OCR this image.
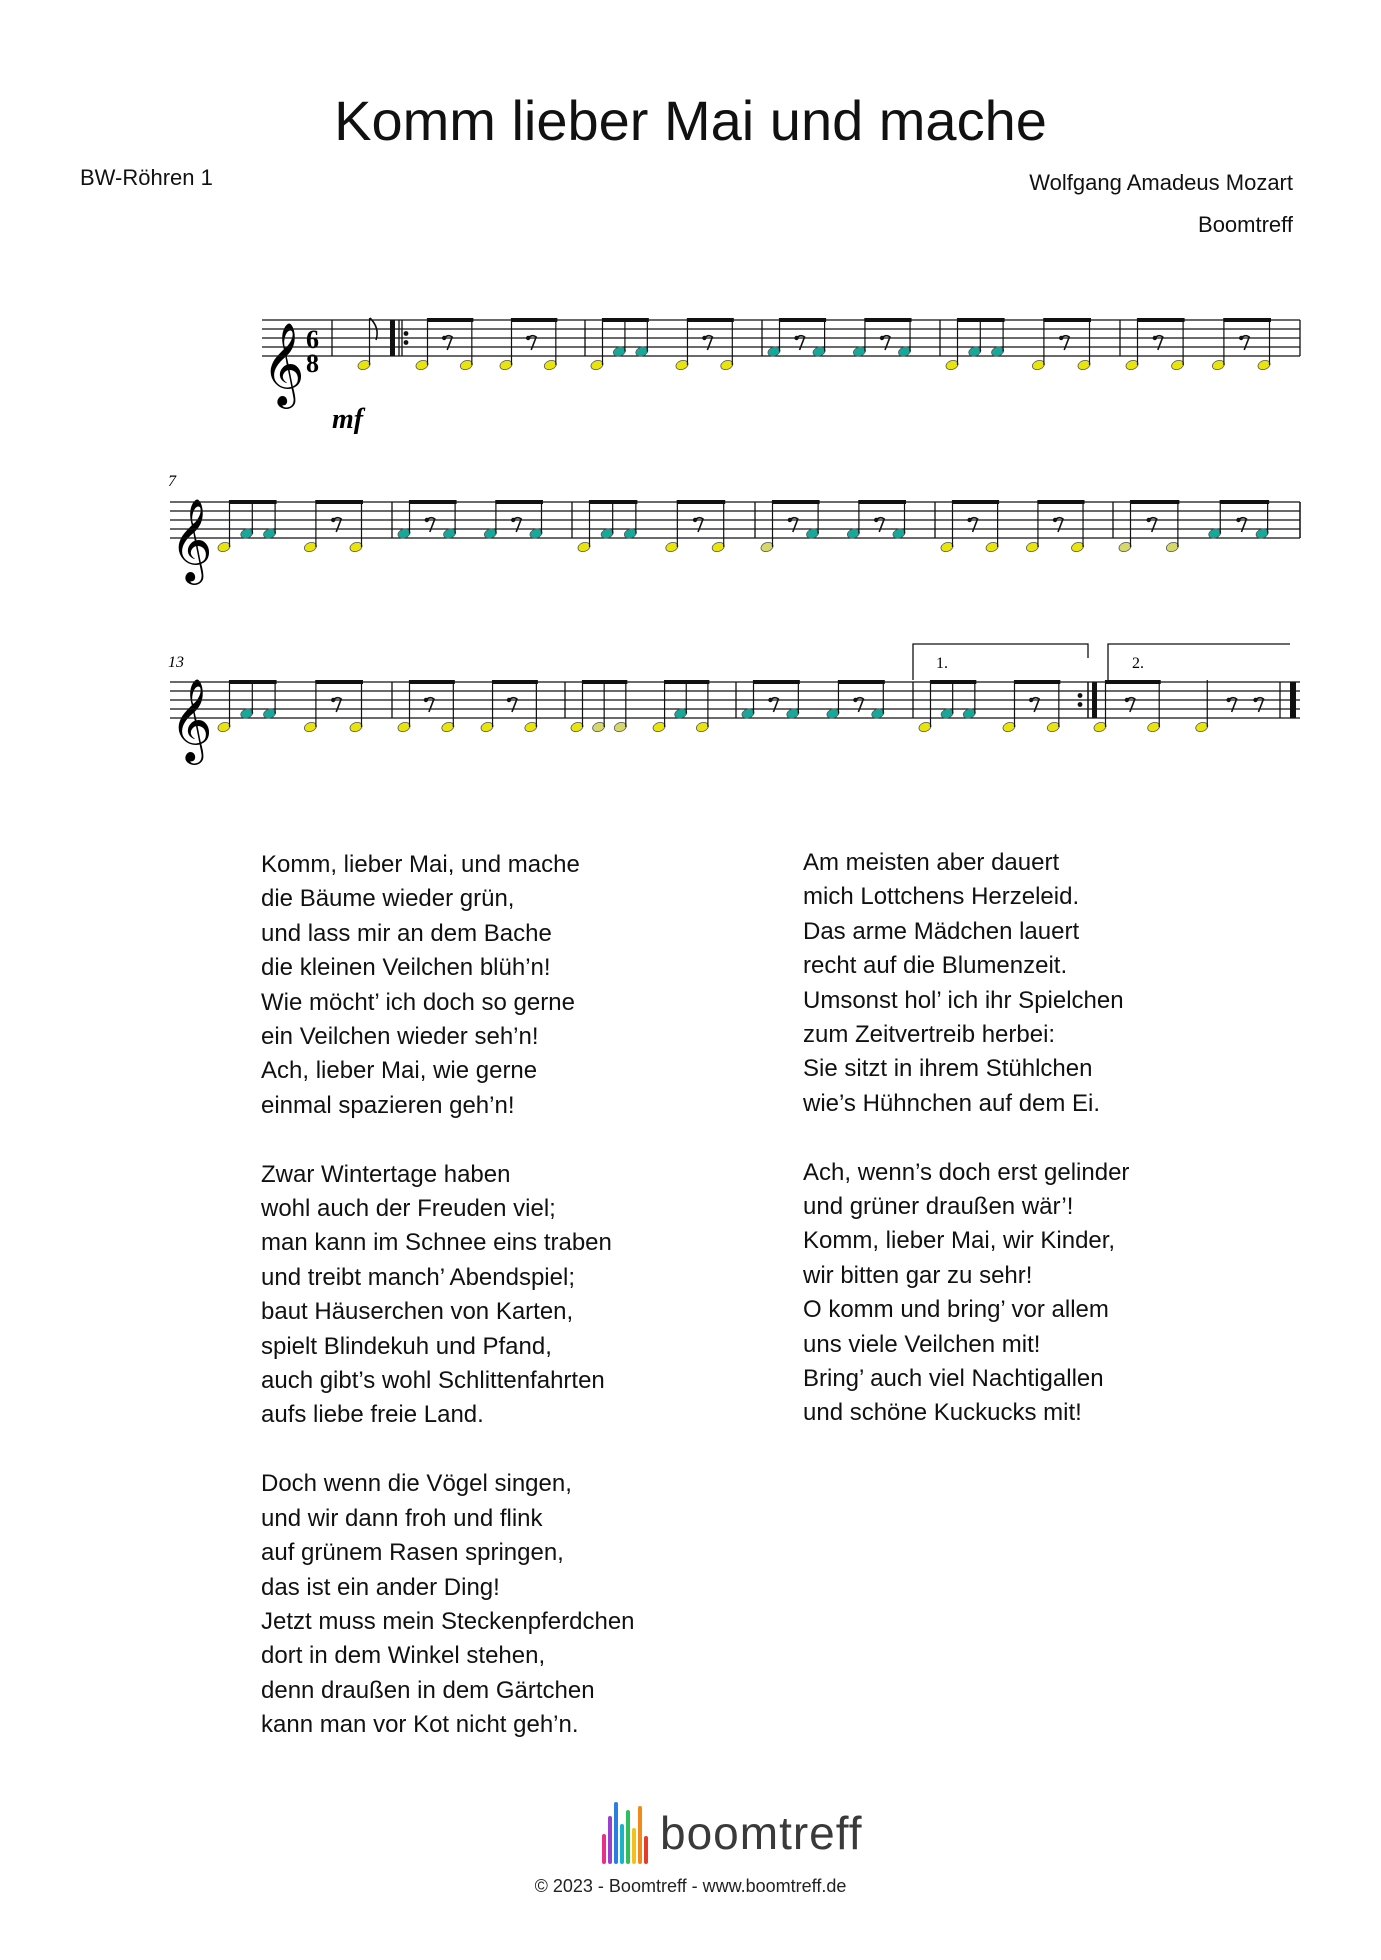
Komm lieber Mai und mache
BW-Röhren 1	Wolfgang Amadeus Mozart
Boomtreff
𝄞 6
8
mf
7
𝄞
13
𝄞
1.	2.
Komm, lieber Mai, und mache
die Bäume wieder grün,
und lass mir an dem Bache
die kleinen Veilchen blüh’n!
Wie möcht’ ich doch so gerne
ein Veilchen wieder seh’n!
Ach, lieber Mai, wie gerne
einmal spazieren geh’n!
Zwar Wintertage haben
wohl auch der Freuden viel;
man kann im Schnee eins traben
und treibt manch’ Abendspiel;
baut Häuserchen von Karten,
spielt Blindekuh und Pfand,
auch gibt’s wohl Schlittenfahrten
aufs liebe freie Land.
Doch wenn die Vögel singen,
und wir dann froh und flink
auf grünem Rasen springen,
das ist ein ander Ding!
Jetzt muss mein Steckenpferdchen
dort in dem Winkel stehen,
denn draußen in dem Gärtchen
kann man vor Kot nicht geh’n.
Am meisten aber dauert
mich Lottchens Herzeleid.
Das arme Mädchen lauert
recht auf die Blumenzeit.
Umsonst hol’ ich ihr Spielchen
zum Zeitvertreib herbei:
Sie sitzt in ihrem Stühlchen
wie’s Hühnchen auf dem Ei.
Ach, wenn’s doch erst gelinder
und grüner draußen wär’!
Komm, lieber Mai, wir Kinder,
wir bitten gar zu sehr!
O komm und bring’ vor allem
uns viele Veilchen mit!
Bring’ auch viel Nachtigallen
und schöne Kuckucks mit!
boomtreff
© 2023 - Boomtreff - www.boomtreff.de
